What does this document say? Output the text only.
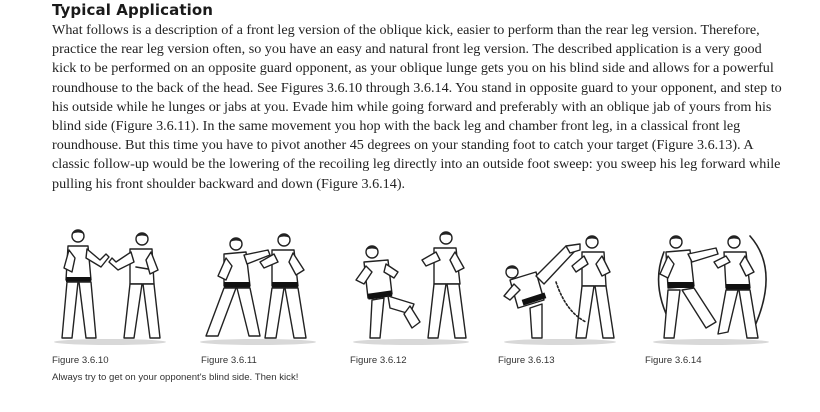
Typical Application

What follows is a description of a front leg version of the oblique kick, easier to perform than the rear leg version. Therefore, practice the rear leg version often, so you have an easy and natural front leg version. The described application is a very good kick to be performed on an opposite guard opponent, as your oblique lunge gets you on his blind side and allows for a powerful roundhouse to the back of the head. See Figures 3.6.10 through 3.6.14. You stand in opposite guard to your opponent, and step to his outside while he lunges or jabs at you. Evade him while going forward and preferably with an oblique jab of yours from his blind side (Figure 3.6.11). In the same movement you hop with the back leg and chamber front leg, in a classical front leg roundhouse. But this time you have to pivot another 45 degrees on your standing foot to catch your target (Figure 3.6.13). A classic follow-up would be the lowering of the recoiling leg directly into an outside foot sweep: you sweep his leg forward while pulling his front shoulder backward and down (Figure 3.6.14).

Figure 3.6.10	Figure 3.6.11	Figure 3.6.12	Figure 3.6.13	Figure 3.6.14
Always try to get on your opponent's blind side. Then kick!
